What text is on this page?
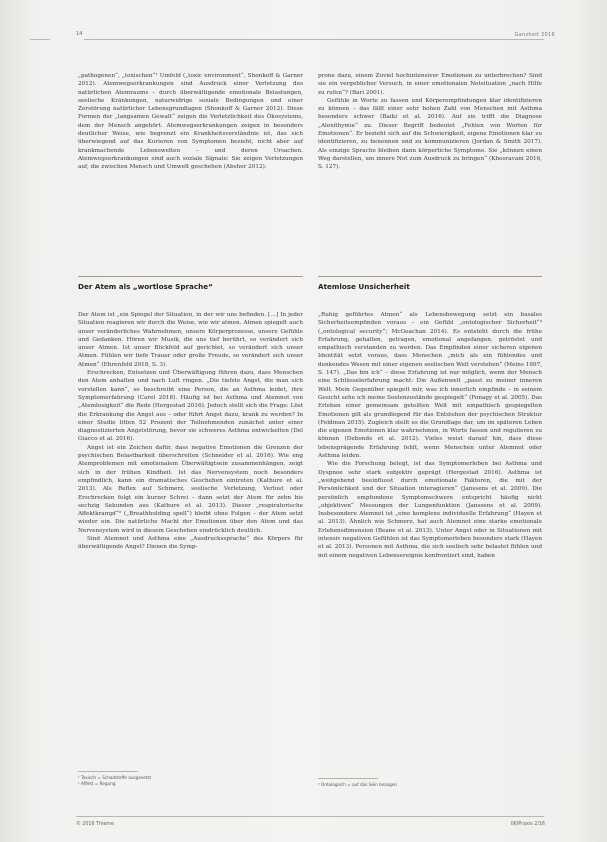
14	Ganzheit 2016

„pathogenen“, „toxischen“¹ Umfeld („toxic environment“, Shonkoff & Garner 2012). Atemwegserkrankungen sind Ausdruck einer Verletzung des natürlichen Atemraums – durch überwältigende emotionale Belastungen, seelische Kränkungen, naturwidrige soziale Bedingungen und einer Zerstörung natürlicher Lebensgrundlagen (Shonkoff & Garner 2012). Diese Formen der „langsamen Gewalt“ zeigen die Verletzlichkeit des Ökosystems, dem der Mensch angehört. Atemwegserkrankungen zeigen in besonders deutlicher Weise, wie begrenzt ein Krankheitsverständnis ist, das sich überwiegend auf das Kurieren von Symptomen bezieht, nicht aber auf krankmachende Lebenswelten – und deren Ursachen. Atemwegserkrankungen sind auch soziale Signale: Sie zeigen Verletzungen auf, die zwischen Mensch und Umwelt geschehen (Absher 2012).

prone dazu, einem Zuviel hochintensiver Emotionen zu unterbrechen? Sind sie ein vergeblicher Versuch, in einer emotionalen Notsituation „nach Hilfe zu rufen“? (Bari 2001).

Gefühle in Worte zu fassen und Körperempfindungen klar identifizieren zu können – das fällt einer sehr hohen Zahl von Menschen mit Asthma besonders schwer (Baiki et al. 2016). Auf sie trifft die Diagnose „Alexithymie“ zu. Dieser Begriff bedeutet „Fehlen von Worten für Emotionen“. Er bezieht sich auf die Schwierigkeit, eigene Emotionen klar zu identifizieren, zu benennen und zu kommunizieren (Jordan & Smith 2017). Als einzige Sprache bleiben dann körperliche Symptome. Sie „können einen Weg darstellen, um innere Not zum Ausdruck zu bringen“ (Khosravani 2016, S. 127).

Der Atem als „wortlose Sprache“	Atemlose Unsicherheit

Der Atem ist „ein Spiegel der Situation, in der wir uns befinden. […] In jeder Situation reagieren wir durch die Weise, wie wir atmen. Atmen spiegelt auch unser veränderliches Wahrnehmen, unsere Körperprozesse, unsere Gefühle und Gedanken. Hören wir Musik, die uns tief berührt, so verändert sich unser Atmen. Ist unser Blickfeld auf gerichtet, so verändert sich unser Atmen. Fühlen wir tiefe Trauer oder große Freude, so verändert sich unser Atmen“ (Ehrenfeld 2018, S. 3).

Erschrecken, Entsetzen und Überwältigung führen dazu, dass Menschen den Atem anhalten und nach Luft ringen. „Die tiefste Angst, die man sich vorstellen kann“, so beschreibt eine Person, die an Asthma leidet, ihre Symptomerfahrung (Carel 2018). Häufig ist bei Asthma und Atemnot von „Atemlosigkeit“ die Rede (Hergestad 2016). Jedoch stellt sich die Frage: Löst die Erkrankung die Angst aus – oder führt Angst dazu, krank zu werden? In einer Studie litten 52 Prozent der Teilnehmenden zunächst unter einer diagnostizierten Angststörung, bevor sie schweres Asthma entwickelten (Del Giacco et al. 2016).

Angst ist ein Zeichen dafür, dass negative Emotionen die Grenzen der psychischen Belastbarkeit überschreiten (Schneider et al. 2016). Wie eng Atemproblemen mit emotionalem Überwältigtsein zusammenhängen, zeigt sich in der frühen Kindheit. Ist das Nervensystem noch besonders empfindlich, kann ein dramatisches Geschehen eintreten (Kathure et al. 2013). Als Reflex auf Schmerz, seelische Verletzung, Verlust oder Erschrecken folgt ein kurzer Schrei – dann setzt der Atem für zehn bis sechzig Sekunden aus (Kathure et al. 2013). Dieser „respiratorische Affektkrampf“² („Breathholding spell“) bleibt ohne Folgen – der Atem setzt wieder ein. Die natürliche Macht der Emotionen über den Atem und das Nervensystem wird in diesem Geschehen eindrücklich deutlich.

Sind Atemnot und Asthma eine „Ausdruckssprache“ des Körpers für überwältigende Angst? Dienen die Symp-

„Ruhig geführtes Atmen“ als Lebensbewegung setzt ein basales Sicherheitsempfinden voraus – ein Gefühl „ontologischer Sicherheit“³ („ontological security“; McGeachan 2014). Es entsteht durch die frühe Erfahrung, gehalten, getragen, emotional angefangen, getröstet und empathisch verstanden zu werden. Das Empfinden einer sicheren eigenen Identität setzt voraus, dass Menschen „mich als ein fühlendes und denkendes Wesen mit einer eigenen seelischen Welt verstehen“ (Meins 1997, S. 147). „Das bin ich“ – diese Erfahrung ist nur möglich, wenn der Mensch eine Schlüsselerfahrung macht: Die Außenwelt „passt zu meiner inneren Welt. Mein Gegenüber spiegelt mir, was ich innerlich empfinde – in seinem Gesicht sehe ich meine Seelenzustände gespiegelt“ (Fonagy et al. 2005). Das Erleben einer gemeinsam geteilten Welt mit empathisch gespiegelten Emotionen gilt als grundlegend für das Entstehen der psychischen Struktur (Feldman 2015). Zugleich stellt es die Grundlage dar, um im späteren Leben die eigenen Emotionen klar wahrnehmen, in Worte fassen und regulieren zu können (Debonde et al. 2012). Vieles weist darauf hin, dass diese lebensprägende Erfahrung fehlt, wenn Menschen unter Atemnot oder Asthma leiden.

Wie die Forschung belegt, ist das Symptomerleben bei Asthma und Dyspnoe sehr stark subjektiv geprägt (Hergestad 2016). Asthma ist „weitgehend beeinflusst durch emotionale Faktoren, die mit der Persönlichkeit und der Situation interagieren“ (Janssens et al. 2009). Die persönlich empfundene Symptomschwere entspricht häufig nicht „objektiven“ Messungen der Lungenfunktion (Janssens et al. 2009). Insbesondere Atemnot ist „eine komplexe individuelle Erfahrung“ (Hayen et al. 2013). Ähnlich wie Schmerz, hat auch Atemnot eine starke emotionale Erlebensdimension (Beane et al. 2013). Unter Angst oder in Situationen mit intensiv negativen Gefühlen ist das Symptomerleben besonders stark (Hayen et al. 2013). Personen mit Asthma, die sich seelisch sehr belastet fühlen und mit einem negativen Lebensereignis konfrontiert sind, haben

¹ Toxisch = Schadstoffe ausgesetzt
² Affekt = Regung	³ Ontologisch = auf das Sein bezogen
© 2016 Thieme	06/Praxis 2/16
